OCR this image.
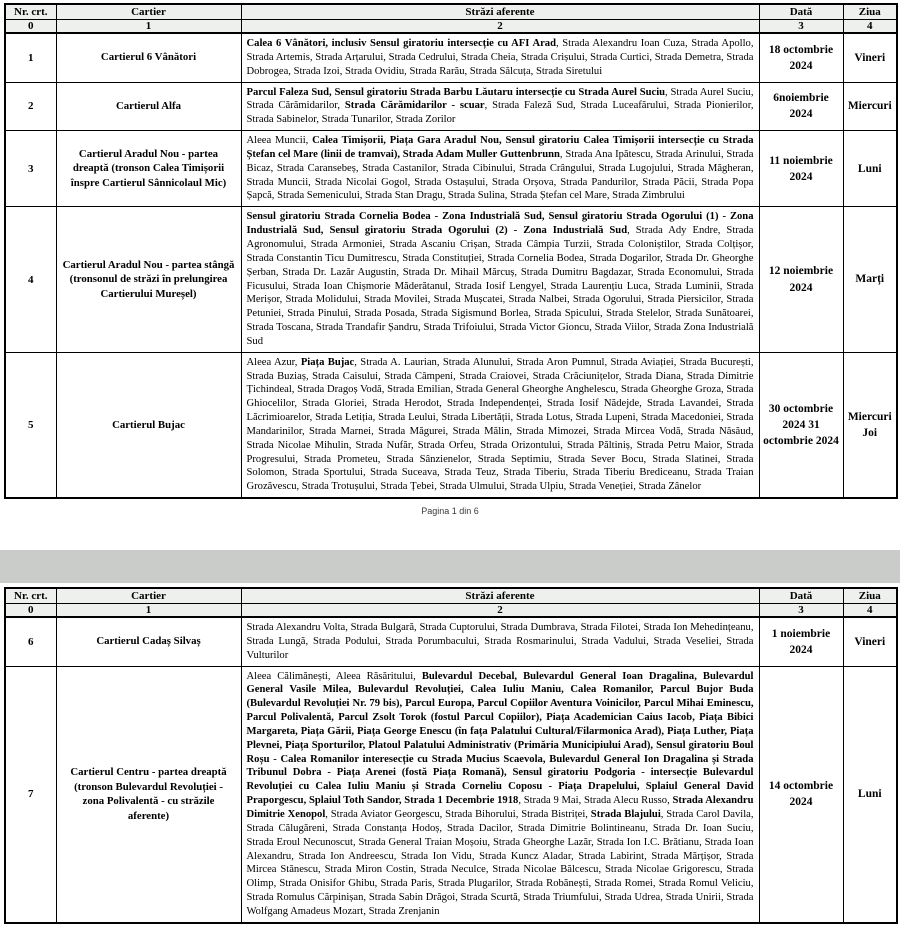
Nr. crt.	Cartier	Străzi aferente	Dată	Ziua
0	1	2	3	4
1	Cartierul 6 Vânători	Calea 6 Vânători, inclusiv Sensul giratoriu intersecție cu AFI Arad, Strada Alexandru Ioan Cuza, Strada Apollo, Strada Artemis, Strada Arțarului, Strada Cedrului, Strada Cheia, Strada Crișului, Strada Curtici, Strada Demetra, Strada Dobrogea, Strada Izoi, Strada Ovidiu, Strada Rarău, Strada Sălcuța, Strada Siretului	18 octombrie 2024	Vineri
2	Cartierul Alfa	Parcul Faleza Sud, Sensul giratoriu Strada Barbu Lăutaru intersecție cu Strada Aurel Suciu, Strada Aurel Suciu, Strada Cărămidarilor, Strada Cărămidarilor - scuar, Strada Faleză Sud, Strada Luceafărului, Strada Pionierilor, Strada Sabinelor, Strada Tunarilor, Strada Zorilor	6noiembrie 2024	Miercuri
3	Cartierul Aradul Nou - partea dreaptă (tronson Calea Timișorii înspre Cartierul Sânnicolaul Mic)	Aleea Muncii, Calea Timișorii, Piața Gara Aradul Nou, Sensul giratoriu Calea Timișorii intersecție cu Strada Ștefan cel Mare (linii de tramvai), Strada Adam Muller Guttenbrunn, Strada Ana Ipătescu, Strada Arinului, Strada Bicaz, Strada Caransebeș, Strada Castanilor, Strada Cibinului, Strada Crângului, Strada Lugojului, Strada Măgheran, Strada Muncii, Strada Nicolai Gogol, Strada Ostașului, Strada Orșova, Strada Pandurilor, Strada Păcii, Strada Popa Șapcă, Strada Semenicului, Strada Stan Dragu, Strada Sulina, Strada Ștefan cel Mare, Strada Zimbrului	11 noiembrie 2024	Luni
4	Cartierul Aradul Nou - partea stângă (tronsonul de străzi în prelungirea Cartierului Mureșel)	Sensul giratoriu Strada Cornelia Bodea - Zona Industrială Sud, Sensul giratoriu Strada Ogorului (1) - Zona Industrială Sud, Sensul giratoriu Strada Ogorului (2) - Zona Industrială Sud, Strada Ady Endre, Strada Agronomului, Strada Armoniei, Strada Ascaniu Crișan, Strada Câmpia Turzii, Strada Coloniștilor, Strada Colțișor, Strada Constantin Ticu Dumitrescu, Strada Constituției, Strada Cornelia Bodea, Strada Dogarilor, Strada Dr. Gheorghe Șerban, Strada Dr. Lazăr Augustin, Strada Dr. Mihail Mărcuș, Strada Dumitru Bagdazar, Strada Economului, Strada Ficusului, Strada Ioan Chișmorie Măderătanul, Strada Iosif Lengyel, Strada Laurențiu Luca, Strada Luminii, Strada Merișor, Strada Molidului, Strada Movilei, Strada Mușcatei, Strada Nalbei, Strada Ogorului, Strada Piersicilor, Strada Petuniei, Strada Pinului, Strada Posada, Strada Sigismund Borlea, Strada Spicului, Strada Stelelor, Strada Sunătoarei, Strada Toscana, Strada Trandafir Șandru, Strada Trifoiului, Strada Victor Gioncu, Strada Viilor, Strada Zona Industrială Sud	12 noiembrie 2024	Marți
5	Cartierul Bujac	Aleea Azur, Piața Bujac, Strada A. Laurian, Strada Alunului, Strada Aron Pumnul, Strada Aviației, Strada București, Strada Buziaș, Strada Caisului, Strada Câmpeni, Strada Craiovei, Strada Crăciunițelor, Strada Diana, Strada Dimitrie Țichindeal, Strada Dragoș Vodă, Strada Emilian, Strada General Gheorghe Anghelescu, Strada Gheorghe Groza, Strada Ghiocelilor, Strada Gloriei, Strada Herodot, Strada Independenței, Strada Iosif Nădejde, Strada Lavandei, Strada Lăcrimioarelor, Strada Letiția, Strada Leului, Strada Libertății, Strada Lotus, Strada Lupeni, Strada Macedoniei, Strada Mandarinilor, Strada Marnei, Strada Măgurei, Strada Mălin, Strada Mimozei, Strada Mircea Vodă, Strada Năsăud, Strada Nicolae Mihulin, Strada Nufăr, Strada Orfeu, Strada Orizontului, Strada Păltiniș, Strada Petru Maior, Strada Progresului, Strada Prometeu, Strada Sânzienelor, Strada Septimiu, Strada Sever Bocu, Strada Slatinei, Strada Solomon, Strada Sportului, Strada Suceava, Strada Teuz, Strada Tiberiu, Strada Tiberiu Brediceanu, Strada Traian Grozăvescu, Strada Trotușului, Strada Țebei, Strada Ulmului, Strada Ulpiu, Strada Veneției, Strada Zânelor	30 octombrie 2024 31 octombrie 2024	Miercuri Joi
Pagina 1 din 6
Nr. crt.	Cartier	Străzi aferente	Dată	Ziua
0	1	2	3	4
6	Cartierul Cadaș Silvaș	Strada Alexandru Volta, Strada Bulgară, Strada Cuptorului, Strada Dumbrava, Strada Filotei, Strada Ion Mehedințeanu, Strada Lungă, Strada Podului, Strada Porumbacului, Strada Rosmarinului, Strada Vadului, Strada Veseliei, Strada Vulturilor	1 noiembrie 2024	Vineri
7	Cartierul Centru - partea dreaptă (tronson Bulevardul Revoluției - zona Polivalentă - cu străzile aferente)	Aleea Călimănești, Aleea Răsăritului, Bulevardul Decebal, Bulevardul General Ioan Dragalina, Bulevardul General Vasile Milea, Bulevardul Revoluției, Calea Iuliu Maniu, Calea Romanilor, Parcul Bujor Buda (Bulevardul Revoluției Nr. 79 bis), Parcul Europa, Parcul Copiilor Aventura Voinicilor, Parcul Mihai Eminescu, Parcul Polivalentă, Parcul Zsolt Torok (fostul Parcul Copiilor), Piața Academician Caius Iacob, Piața Bibici Margareta, Piața Gării, Piața George Enescu (în fața Palatului Cultural/Filarmonica Arad), Piața Luther, Piața Plevnei, Piața Sporturilor, Platoul Palatului Administrativ (Primăria Municipiului Arad), Sensul giratoriu Boul Roșu - Calea Romanilor interesecție cu Strada Mucius Scaevola, Bulevardul General Ion Dragalina și Strada Tribunul Dobra - Piața Arenei (fostă Piața Romană), Sensul giratoriu Podgoria - intersecție Bulevardul Revoluției cu Calea Iuliu Maniu și Strada Corneliu Coposu - Piața Drapelului, Splaiul General David Praporgescu, Splaiul Toth Sandor, Strada 1 Decembrie 1918, Strada 9 Mai, Strada Alecu Russo, Strada Alexandru Dimitrie Xenopol, Strada Aviator Georgescu, Strada Bihorului, Strada Bistriței, Strada Blajului, Strada Carol Davila, Strada Călugăreni, Strada Constanța Hodoș, Strada Dacilor, Strada Dimitrie Bolintineanu, Strada Dr. Ioan Suciu, Strada Eroul Necunoscut, Strada General Traian Moșoiu, Strada Gheorghe Lazăr, Strada Ion I.C. Brătianu, Strada Ioan Alexandru, Strada Ion Andreescu, Strada Ion Vidu, Strada Kuncz Aladar, Strada Labirint, Strada Mărțișor, Strada Mircea Stănescu, Strada Miron Costin, Strada Neculce, Strada Nicolae Bălcescu, Strada Nicolae Grigorescu, Strada Olimp, Strada Onisifor Ghibu, Strada Paris, Strada Plugarilor, Strada Robănești, Strada Romei, Strada Romul Veliciu, Strada Romulus Cărpinișan, Strada Sabin Drăgoi, Strada Scurtă, Strada Triumfului, Strada Udrea, Strada Unirii, Strada Wolfgang Amadeus Mozart, Strada Zrenjanin	14 octombrie 2024	Luni
